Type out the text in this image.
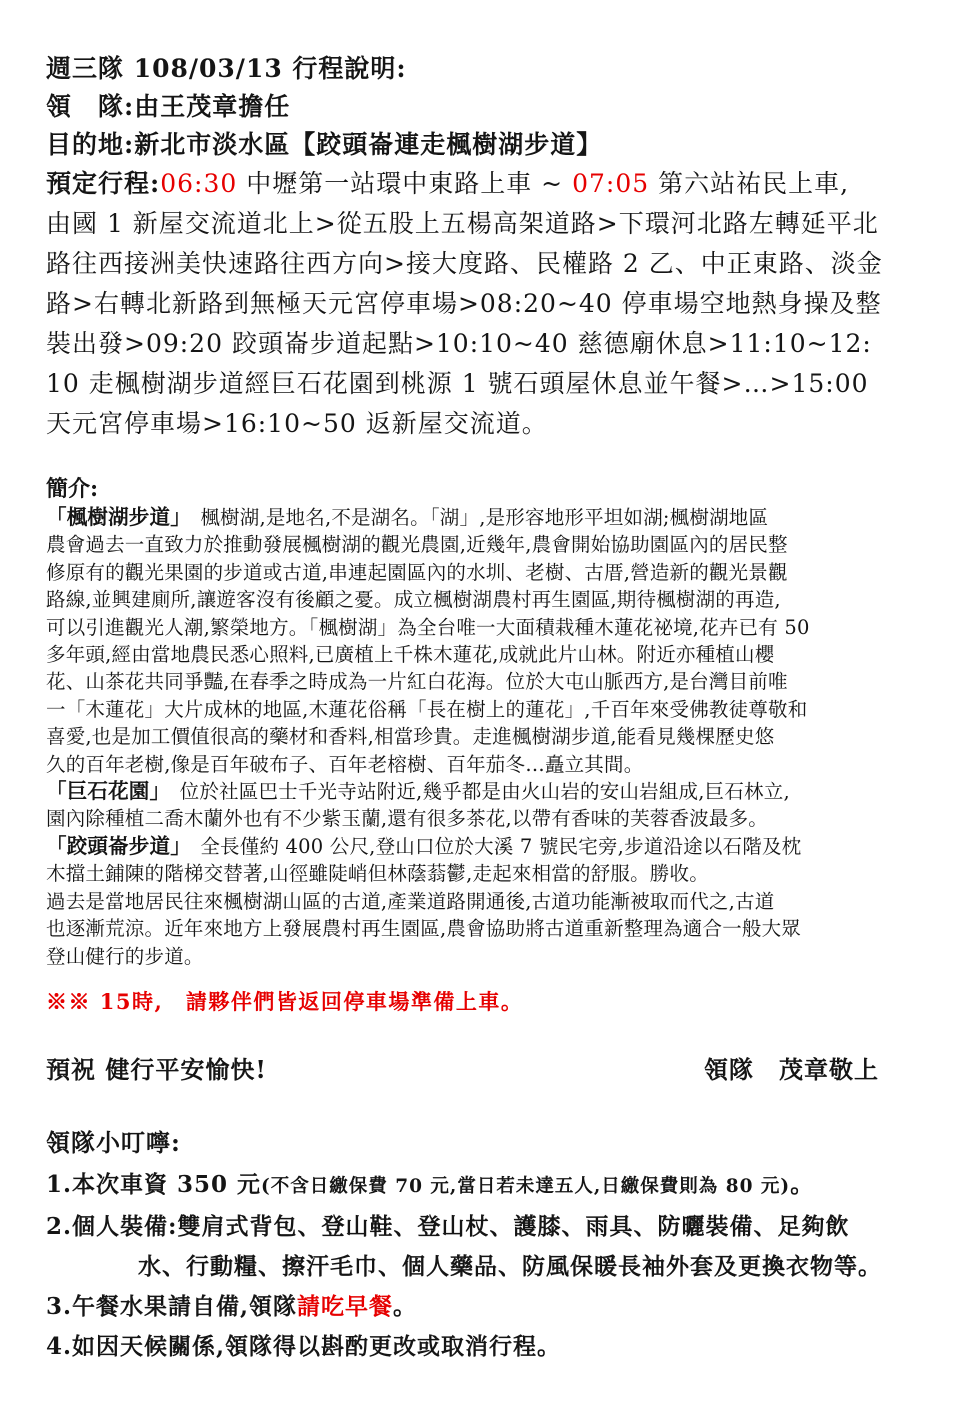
週三隊 108/03/13 行程說明:
領　隊:由王茂章擔任
目的地:新北市淡水區【跤頭崙連走楓樹湖步道】
預定行程:06:30 中壢第一站環中東路上車 ~ 07:05 第六站祐民上車,
由國 1 新屋交流道北上>從五股上五楊高架道路>下環河北路左轉延平北
路往西接洲美快速路往西方向>接大度路、民權路 2 乙、中正東路、淡金
路>右轉北新路到無極天元宮停車場>08:20~40 停車場空地熱身操及整
裝出發>09:20 跤頭崙步道起點>10:10~40 慈德廟休息>11:10~12:
10 走楓樹湖步道經巨石花園到桃源 1 號石頭屋休息並午餐>…>15:00
天元宮停車場>16:10~50 返新屋交流道。
簡介:
「楓樹湖步道」　楓樹湖,是地名,不是湖名。「湖」,是形容地形平坦如湖;楓樹湖地區
農會過去一直致力於推動發展楓樹湖的觀光農園,近幾年,農會開始協助園區內的居民整
修原有的觀光果園的步道或古道,串連起園區內的水圳、老樹、古厝,營造新的觀光景觀
路線,並興建廁所,讓遊客沒有後顧之憂。成立楓樹湖農村再生園區,期待楓樹湖的再造,
可以引進觀光人潮,繁榮地方。「楓樹湖」為全台唯一大面積栽種木蓮花祕境,花卉已有 50
多年頭,經由當地農民悉心照料,已廣植上千株木蓮花,成就此片山林。附近亦種植山櫻
花、山茶花共同爭豔,在春季之時成為一片紅白花海。位於大屯山脈西方,是台灣目前唯
一「木蓮花」大片成林的地區,木蓮花俗稱「長在樹上的蓮花」,千百年來受佛教徒尊敬和
喜愛,也是加工價值很高的藥材和香料,相當珍貴。走進楓樹湖步道,能看見幾棵歷史悠
久的百年老樹,像是百年破布子、百年老榕樹、百年茄冬…矗立其間。
「巨石花園」　位於社區巴士千光寺站附近,幾乎都是由火山岩的安山岩組成,巨石林立,
園內除種植二喬木蘭外也有不少紫玉蘭,還有很多茶花,以帶有香味的芙蓉香波最多。
「跤頭崙步道」　全長僅約 400 公尺,登山口位於大溪 7 號民宅旁,步道沿途以石階及枕
木擋土鋪陳的階梯交替著,山徑雖陡峭但林蔭蓊鬱,走起來相當的舒服。勝收。
過去是當地居民往來楓樹湖山區的古道,產業道路開通後,古道功能漸被取而代之,古道
也逐漸荒涼。近年來地方上發展農村再生園區,農會協助將古道重新整理為適合一般大眾
登山健行的步道。
※※ 15時,　請夥伴們皆返回停車場準備上車。
預祝 健行平安愉快!	領隊　茂章敬上
領隊小叮嚀:
1.本次車資 350 元(不含日繳保費 70 元,當日若未達五人,日繳保費則為 80 元)。
2.個人裝備:雙肩式背包、登山鞋、登山杖、護膝、雨具、防曬裝備、足夠飲
水、行動糧、擦汗毛巾、個人藥品、防風保暖長袖外套及更換衣物等。
3.午餐水果請自備,領隊請吃早餐。
4.如因天候關係,領隊得以斟酌更改或取消行程。
